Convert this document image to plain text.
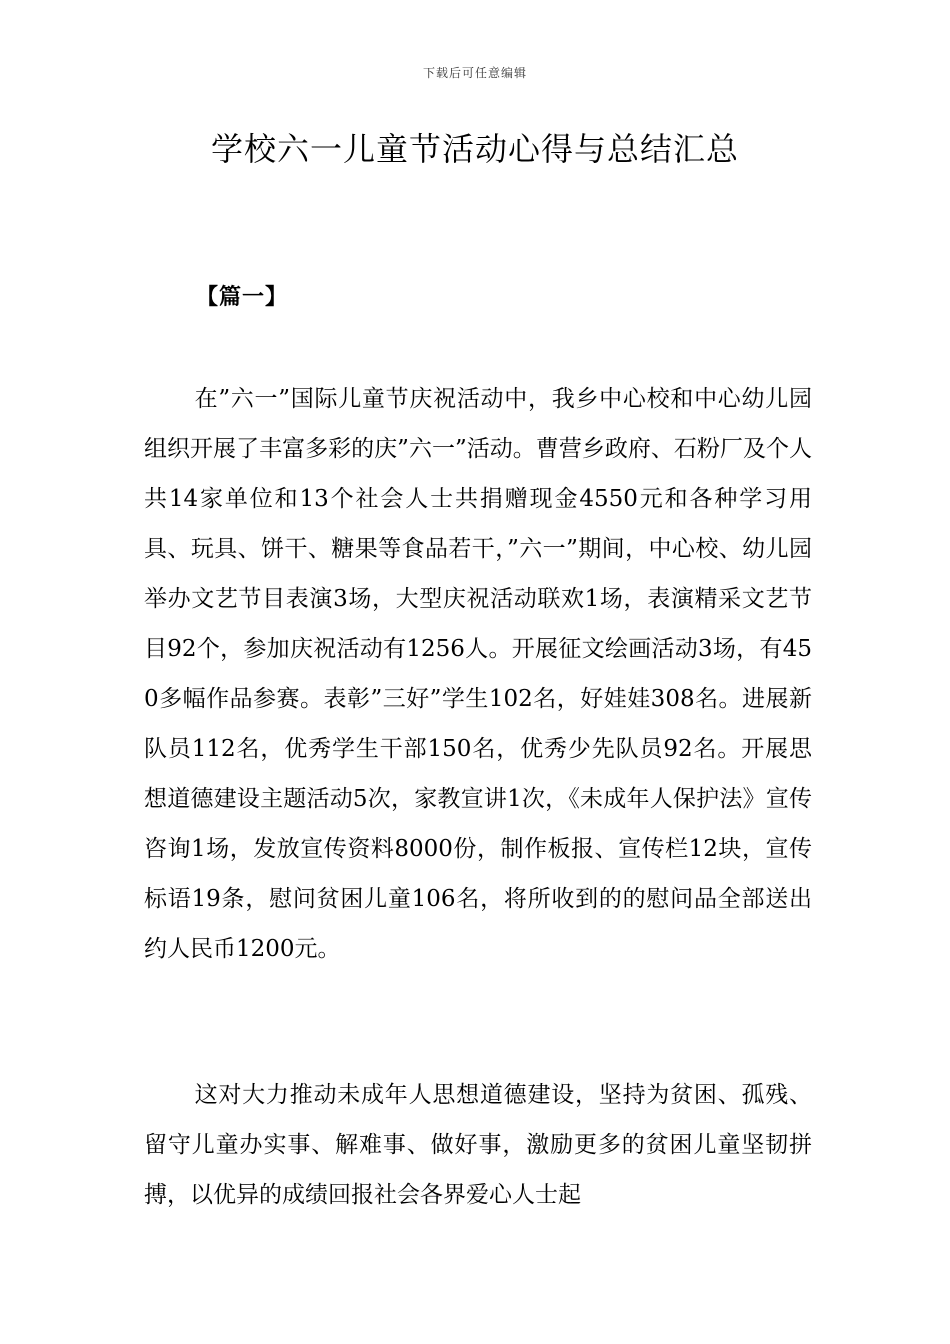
下载后可任意编辑
学校六一儿童节活动心得与总结汇总
【篇一】

在”六一”国际儿童节庆祝活动中，我乡中心校和中心幼儿园组织开展了丰富多彩的庆”六一”活动。曹营乡政府、石粉厂及个人共14家单位和13个社会人士共捐赠现金4550元和各种学习用具、玩具、饼干、糖果等食品若干，”六一”期间，中心校、幼儿园举办文艺节目表演3场，大型庆祝活动联欢1场，表演精采文艺节目92个，参加庆祝活动有1256人。开展征文绘画活动3场，有450多幅作品参赛。表彰”三好”学生102名，好娃娃308名。进展新队员112名，优秀学生干部150名，优秀少先队员92名。开展思想道德建设主题活动5次，家教宣讲1次，《未成年人保护法》宣传咨询1场，发放宣传资料8000份，制作板报、宣传栏12块，宣传标语19条，慰问贫困儿童106名，将所收到的的慰问品全部送出约人民币1200元。

这对大力推动未成年人思想道德建设，坚持为贫困、孤残、留守儿童办实事、解难事、做好事，激励更多的贫困儿童坚韧拼搏，以优异的成绩回报社会各界爱心人士起
